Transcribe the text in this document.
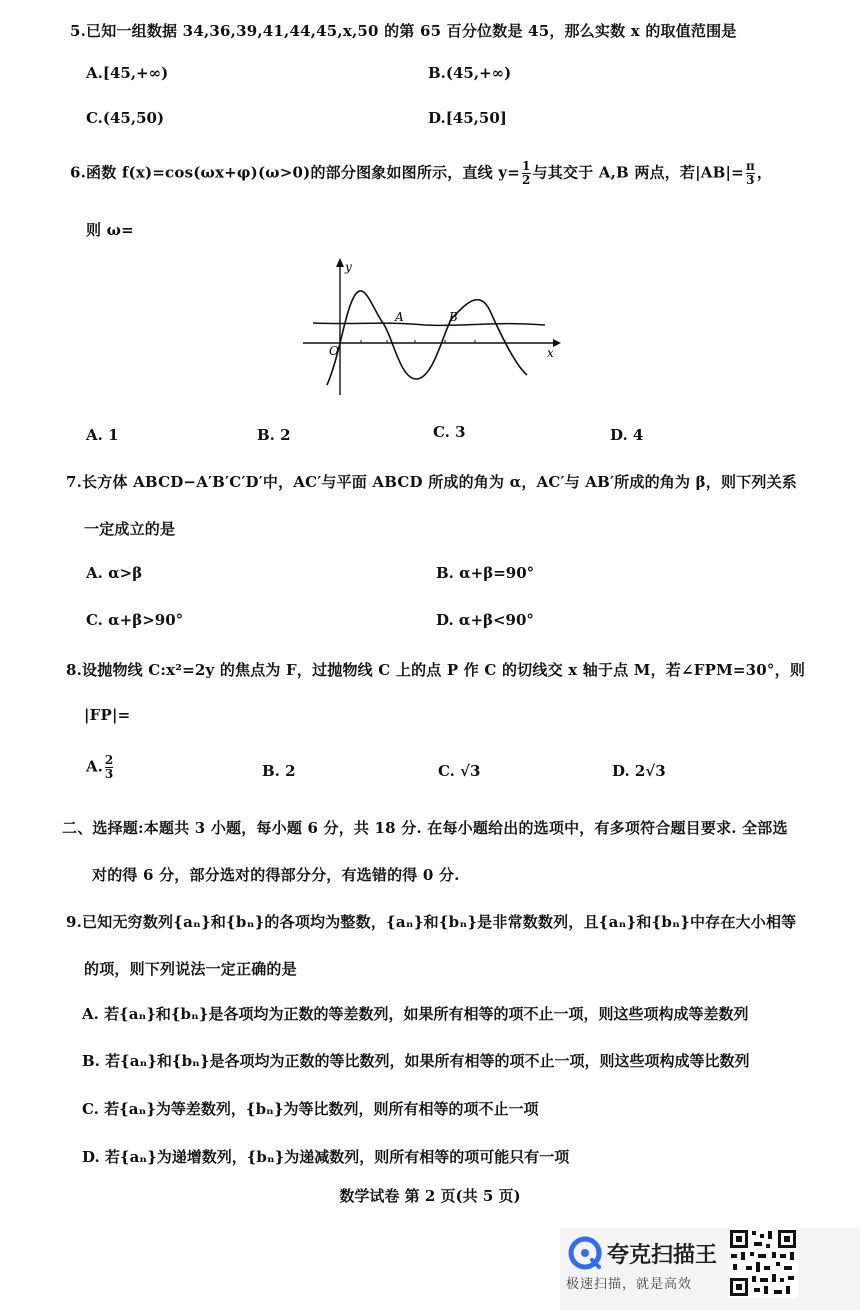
5.已知一组数据 34,36,39,41,44,45,x,50 的第 65 百分位数是 45，那么实数 x 的取值范围是
A.[45,+∞)	B.(45,+∞)
C.(45,50)	D.[45,50]
6.函数 f(x)=cos(ωx+φ)(ω>0)的部分图象如图所示，直线 $y= \frac{1}{2}$ 与其交于 A,B 两点，若$|AB|= \frac{\pi}{3}$ ，
则 ω=
y
x
O
A	B
A. 1	B. 2	C. 3	D. 4
7.长方体 ABCD−A′B′C′D′中，AC′与平面 ABCD 所成的角为 α，AC′与 AB′所成的角为 β，则下列关系
一定成立的是
A. α>β	B. α+β=90°
C. α+β>90°	D. α+β<90°
8.设抛物线 C:x²=2y 的焦点为 F，过抛物线 C 上的点 P 作 C 的切线交 x 轴于点 M，若∠FPM=30°，则
|FP|=
A. $\frac{2}{3}$	B. 2	C. √3	D. 2√3
二、选择题:本题共 3 小题，每小题 6 分，共 18 分. 在每小题给出的选项中，有多项符合题目要求. 全部选
对的得 6 分，部分选对的得部分分，有选错的得 0 分.
9.已知无穷数列{aₙ}和{bₙ}的各项均为整数，{aₙ}和{bₙ}是非常数数列，且{aₙ}和{bₙ}中存在大小相等
的项，则下列说法一定正确的是
A. 若{aₙ}和{bₙ}是各项均为正数的等差数列，如果所有相等的项不止一项，则这些项构成等差数列
B. 若{aₙ}和{bₙ}是各项均为正数的等比数列，如果所有相等的项不止一项，则这些项构成等比数列
C. 若{aₙ}为等差数列，{bₙ}为等比数列，则所有相等的项不止一项
D. 若{aₙ}为递增数列，{bₙ}为递减数列，则所有相等的项可能只有一项
数学试卷 第 2 页(共 5 页)
夸克扫描王
极速扫描，就是高效
